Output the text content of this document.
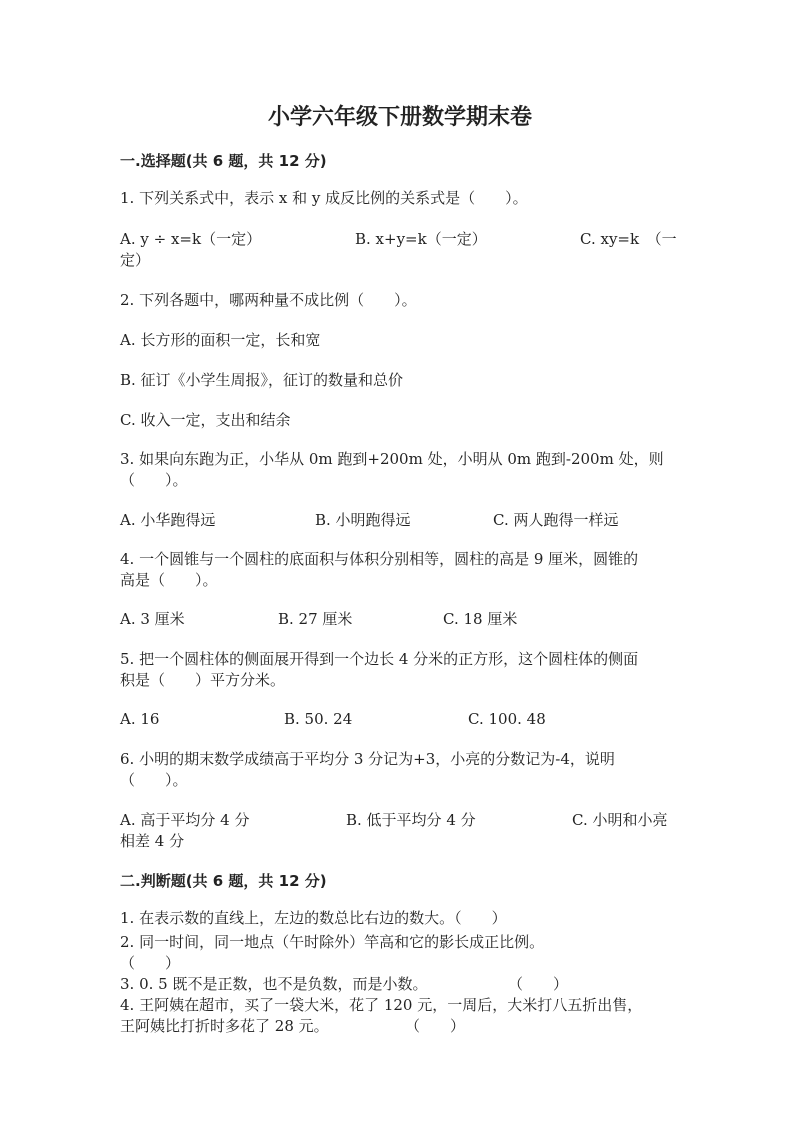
小学六年级下册数学期末卷
一.选择题(共 6 题，共 12 分)
1. 下列关系式中，表示 x 和 y 成反比例的关系式是（　　）。
A. y ÷ x=k（一定）	B. x+y=k（一定）	C. xy=k　（一
定）
2. 下列各题中，哪两种量不成比例（　　）。
A. 长方形的面积一定，长和宽
B. 征订《小学生周报》，征订的数量和总价
C. 收入一定，支出和结余
3. 如果向东跑为正，小华从 0m 跑到+200m 处，小明从 0m 跑到-200m 处，则
（　　）。
A. 小华跑得远	B. 小明跑得远	C. 两人跑得一样远
4. 一个圆锥与一个圆柱的底面积与体积分别相等，圆柱的高是 9 厘米，圆锥的
高是（　　）。
A. 3 厘米	B. 27 厘米	C. 18 厘米
5. 把一个圆柱体的侧面展开得到一个边长 4 分米的正方形，这个圆柱体的侧面
积是（　　）平方分米。
A. 16	B. 50. 24	C. 100. 48
6. 小明的期末数学成绩高于平均分 3 分记为+3，小亮的分数记为-4，说明
（　　）。
A. 高于平均分 4 分	B. 低于平均分 4 分	C. 小明和小亮
相差 4 分
二.判断题(共 6 题，共 12 分)
1. 在表示数的直线上，左边的数总比右边的数大。（　　）
2. 同一时间，同一地点（午时除外）竿高和它的影长成正比例。
（　　）
3. 0. 5 既不是正数，也不是负数，而是小数。	（　　）
4. 王阿姨在超市，买了一袋大米，花了 120 元，一周后，大米打八五折出售，
王阿姨比打折时多花了 28 元。	（　　）
